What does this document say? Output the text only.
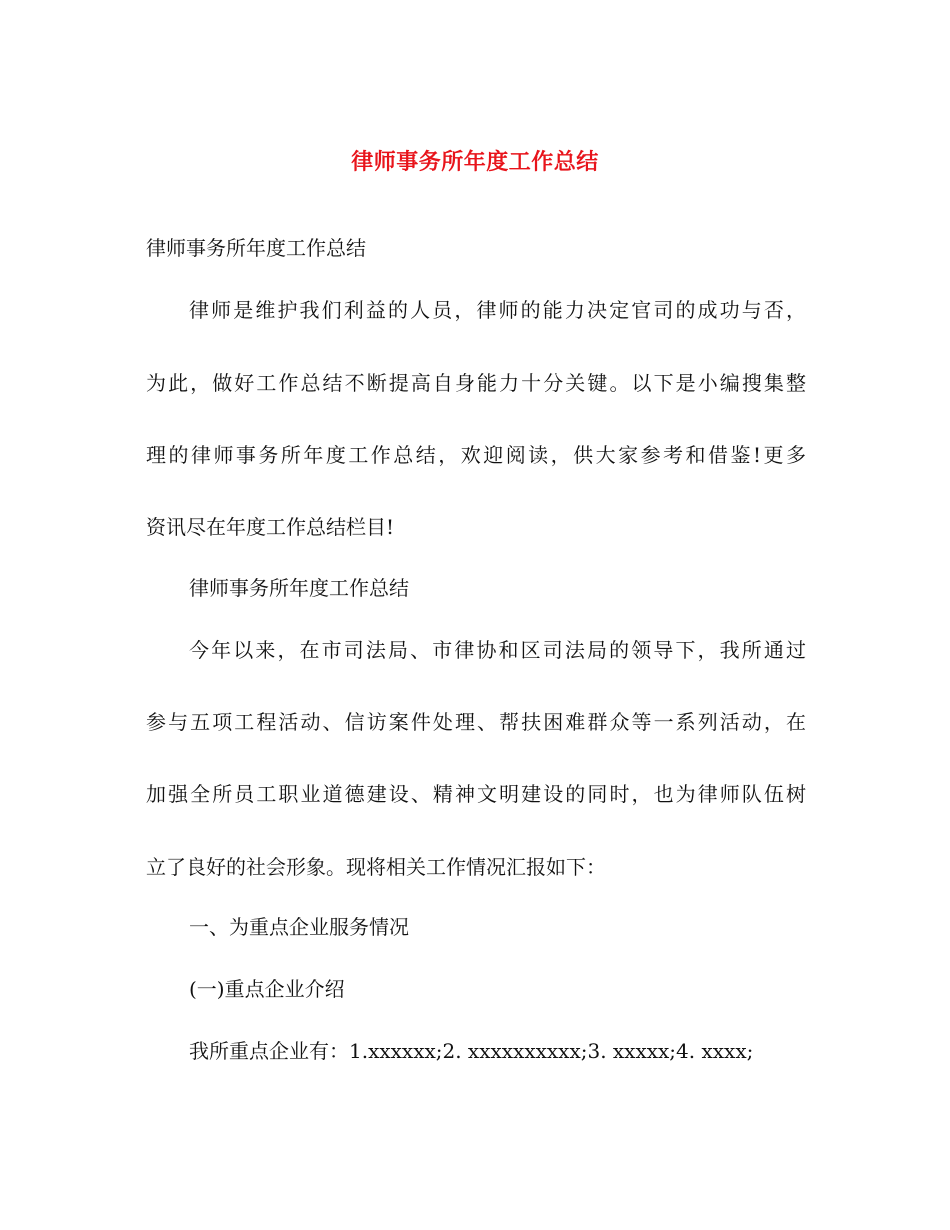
律师事务所年度工作总结
律师事务所年度工作总结
律师是维护我们利益的人员，律师的能力决定官司的成功与否，
为此，做好工作总结不断提高自身能力十分关键。以下是小编搜集整
理的律师事务所年度工作总结，欢迎阅读，供大家参考和借鉴!更多
资讯尽在年度工作总结栏目!
律师事务所年度工作总结
今年以来，在市司法局、市律协和区司法局的领导下，我所通过
参与五项工程活动、信访案件处理、帮扶困难群众等一系列活动，在
加强全所员工职业道德建设、精神文明建设的同时，也为律师队伍树
立了良好的社会形象。现将相关工作情况汇报如下：
一、为重点企业服务情况
(一)重点企业介绍
我所重点企业有：1.xxxxxx;2. xxxxxxxxxx;3. xxxxx;4. xxxx;
